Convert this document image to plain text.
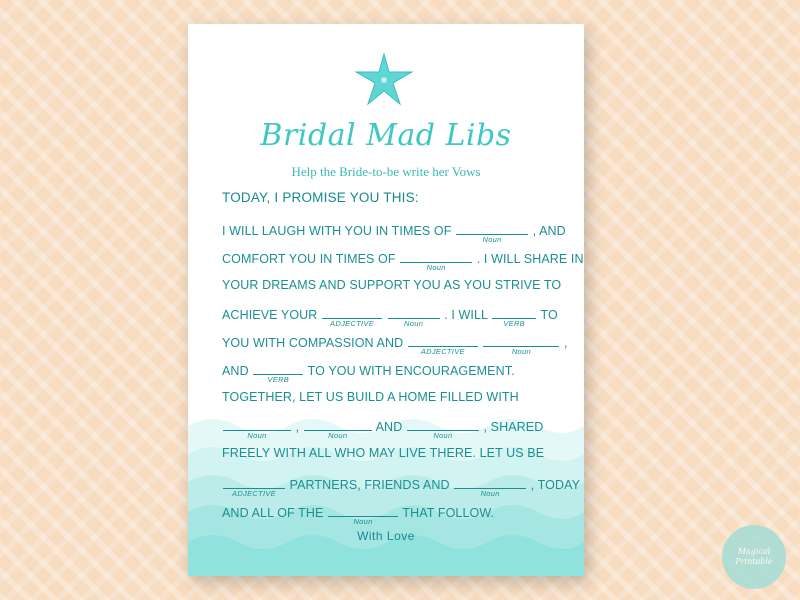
Bridal Mad Libs
Help the Bride-to-be write her Vows
TODAY, I PROMISE YOU THIS:
I WILL LAUGH WITH YOU IN TIMES OF
Noun
, AND
COMFORT YOU IN TIMES OF
Noun
. I WILL SHARE IN
YOUR DREAMS AND SUPPORT YOU AS YOU STRIVE TO
ACHIEVE YOUR
ADJECTIVE
	Noun
. I WILL
VERB
TO
YOU WITH COMPASSION AND
ADJECTIVE
	Noun
,
AND
VERB
TO YOU WITH ENCOURAGEMENT.
TOGETHER, LET US BUILD A HOME FILLED WITH
Noun
,
Noun
AND
Noun
, SHARED
FREELY WITH ALL WHO MAY LIVE THERE. LET US BE
ADJECTIVE
PARTNERS, FRIENDS AND
Noun
, TODAY
AND ALL OF THE
Noun
THAT FOLLOW.
With Love
Magical
Printable
